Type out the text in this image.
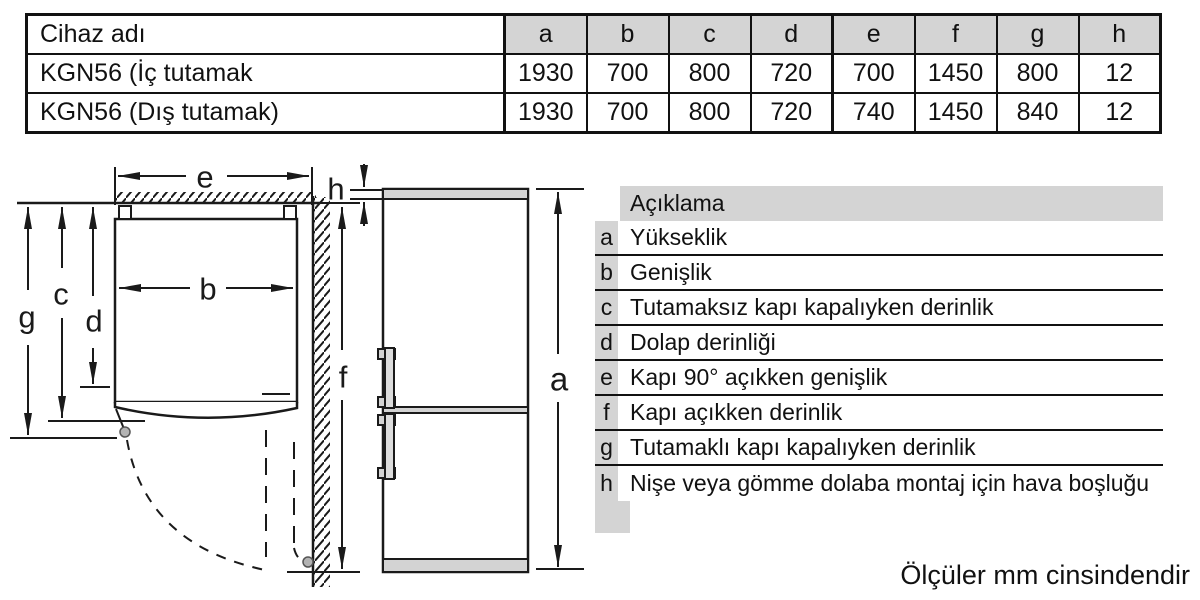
Cihaz adı	a	b	c	d	e	f	g	h
KGN56 (İç tutamak	1930	700	800	720	700	1450	800	12
KGN56 (Dış tutamak)	1930	700	800	720	740	1450	840	12
e	h
b
g
c
d
f	a
Açıklama
a Yükseklik
b Genişlik
c Tutamaksız kapı kapalıyken derinlik
d Dolap derinliği
e Kapı 90° açıkken genişlik
f Kapı açıkken derinlik
g Tutamaklı kapı kapalıyken derinlik
h Nişe veya gömme dolaba montaj için hava boşluğu
Ölçüler mm cinsindendir
